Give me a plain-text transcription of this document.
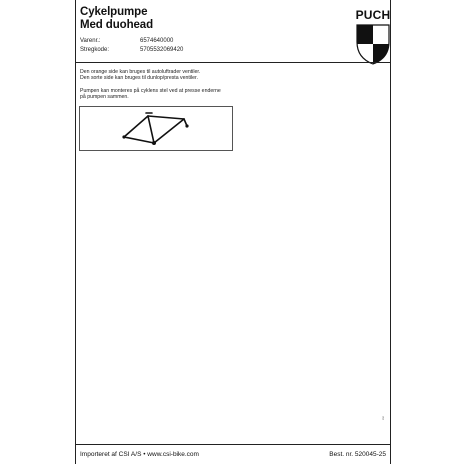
Cykelpumpe
Med duohead
Varenr.:	6574640000
Stregkode:	5705532069420
PUCH
Den orange side kan bruges til autoluftrader ventiler.
Den sorte side kan bruges til dunlop/presta ventiler.
Pumpen kan monteres på cyklens stel ved at presse enderne
på pumpen sammen.
csi
Importeret af CSI A/S • www.csi-bike.com	Best. nr. 520045-25
